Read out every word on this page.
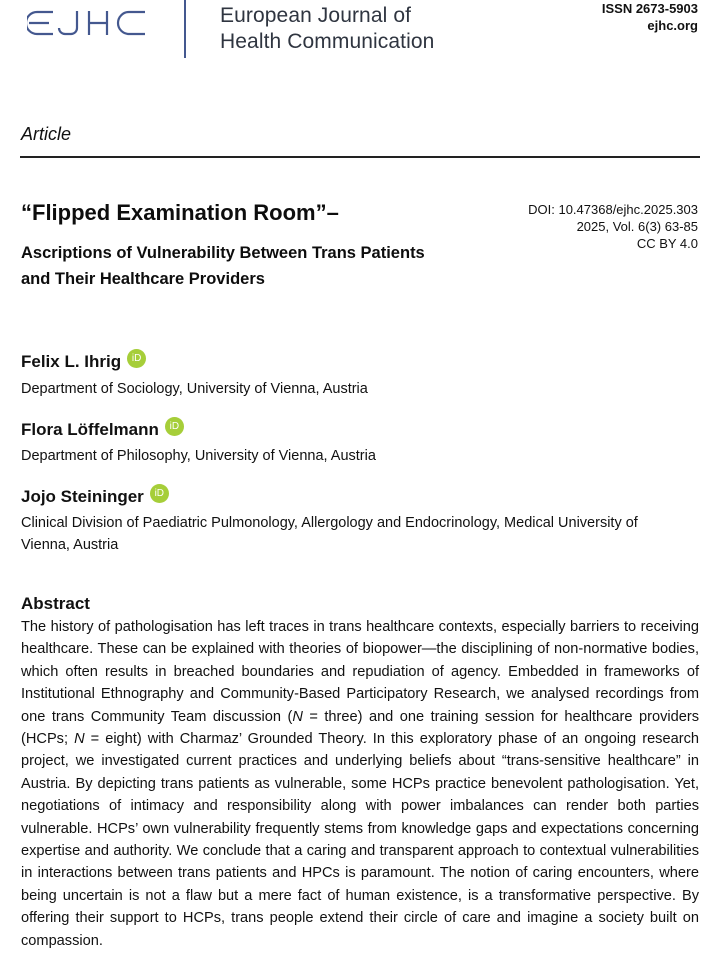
European Journal of
Health Communication
ISSN 2673-5903
ejhc.org
Article
“Flipped Examination Room”–
Ascriptions of Vulnerability Between Trans Patients and Their Healthcare Providers
DOI: 10.47368/ejhc.2025.303
2025, Vol. 6(3) 63-85
CC BY 4.0
Felix L. Ihrig	iD
Department of Sociology, University of Vienna, Austria
Flora Löffelmann	iD
Department of Philosophy, University of Vienna, Austria
Jojo Steininger	iD
Clinical Division of Paediatric Pulmonology, Allergology and Endocrinology, Medical University of Vienna, Austria
Abstract
The history of pathologisation has left traces in trans healthcare contexts, especially barriers to receiving healthcare. These can be explained with theories of biopower—the disciplining of non-normative bodies, which often results in breached boundaries and repudiation of agency. Embedded in frameworks of Institutional Ethnography and Community-Based Participatory Research, we analysed recordings from one trans Community Team discussion (N = three) and one training session for healthcare providers (HCPs; N = eight) with Charmaz’ Grounded Theory. In this exploratory phase of an ongoing research project, we investigated current practices and underlying beliefs about “trans-sensitive healthcare” in Austria. By depicting trans patients as vulnerable, some HCPs practice benevolent pathologisation. Yet, negotiations of intimacy and responsibility along with power imbalances can render both parties vulnerable. HCPs’ own vulnerability frequently stems from knowledge gaps and expectations concerning expertise and authority. We conclude that a caring and transparent approach to contextual vulnerabilities in interactions between trans patients and HPCs is paramount. The notion of caring encounters, where being uncertain is not a flaw but a mere fact of human existence, is a transformative perspective. By offering their support to HCPs, trans people extend their circle of care and imagine a society built on compassion.
